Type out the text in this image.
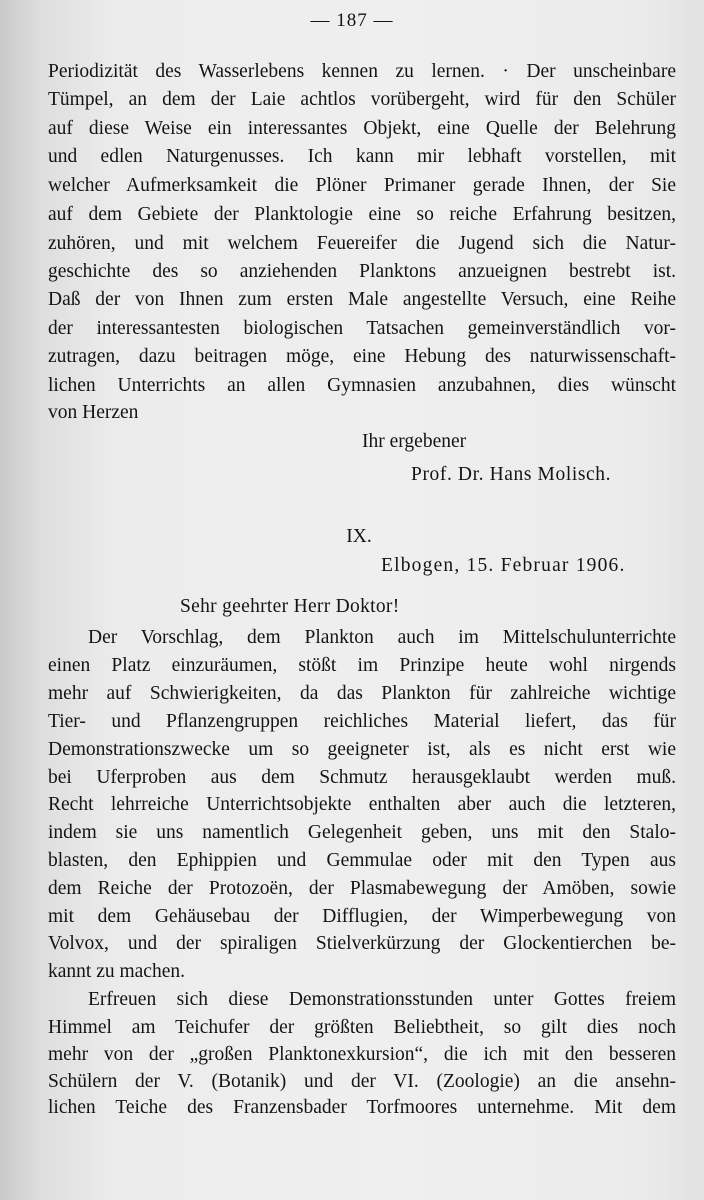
— 187 —
Periodizität des Wasserlebens kennen zu lernen. · Der unscheinbare
Tümpel, an dem der Laie achtlos vorübergeht, wird für den Schüler
auf diese Weise ein interessantes Objekt, eine Quelle der Belehrung
und edlen Naturgenusses. Ich kann mir lebhaft vorstellen, mit
welcher Aufmerksamkeit die Plöner Primaner gerade Ihnen, der Sie
auf dem Gebiete der Planktologie eine so reiche Erfahrung besitzen,
zuhören, und mit welchem Feuereifer die Jugend sich die Natur-
geschichte des so anziehenden Planktons anzueignen bestrebt ist.
Daß der von Ihnen zum ersten Male angestellte Versuch, eine Reihe
der interessantesten biologischen Tatsachen gemeinverständlich vor-
zutragen, dazu beitragen möge, eine Hebung des naturwissenschaft-
lichen Unterrichts an allen Gymnasien anzubahnen, dies wünscht
von Herzen
Ihr ergebener
Prof. Dr. Hans Molisch.
IX.
Elbogen, 15. Februar 1906.
Sehr geehrter Herr Doktor!
Der Vorschlag, dem Plankton auch im Mittelschulunterrichte
einen Platz einzuräumen, stößt im Prinzipe heute wohl nirgends
mehr auf Schwierigkeiten, da das Plankton für zahlreiche wichtige
Tier- und Pflanzengruppen reichliches Material liefert, das für
Demonstrationszwecke um so geeigneter ist, als es nicht erst wie
bei Uferproben aus dem Schmutz herausgeklaubt werden muß.
Recht lehrreiche Unterrichtsobjekte enthalten aber auch die letzteren,
indem sie uns namentlich Gelegenheit geben, uns mit den Stalo-
blasten, den Ephippien und Gemmulae oder mit den Typen aus
dem Reiche der Protozoën, der Plasmabewegung der Amöben, sowie
mit dem Gehäusebau der Difflugien, der Wimperbewegung von
Volvox, und der spiraligen Stielverkürzung der Glockentierchen be-
kannt zu machen.
Erfreuen sich diese Demonstrationsstunden unter Gottes freiem
Himmel am Teichufer der größten Beliebtheit, so gilt dies noch
mehr von der „großen Planktonexkursion“, die ich mit den besseren
Schülern der V. (Botanik) und der VI. (Zoologie) an die ansehn-
lichen Teiche des Franzensbader Torfmoores unternehme. Mit dem
